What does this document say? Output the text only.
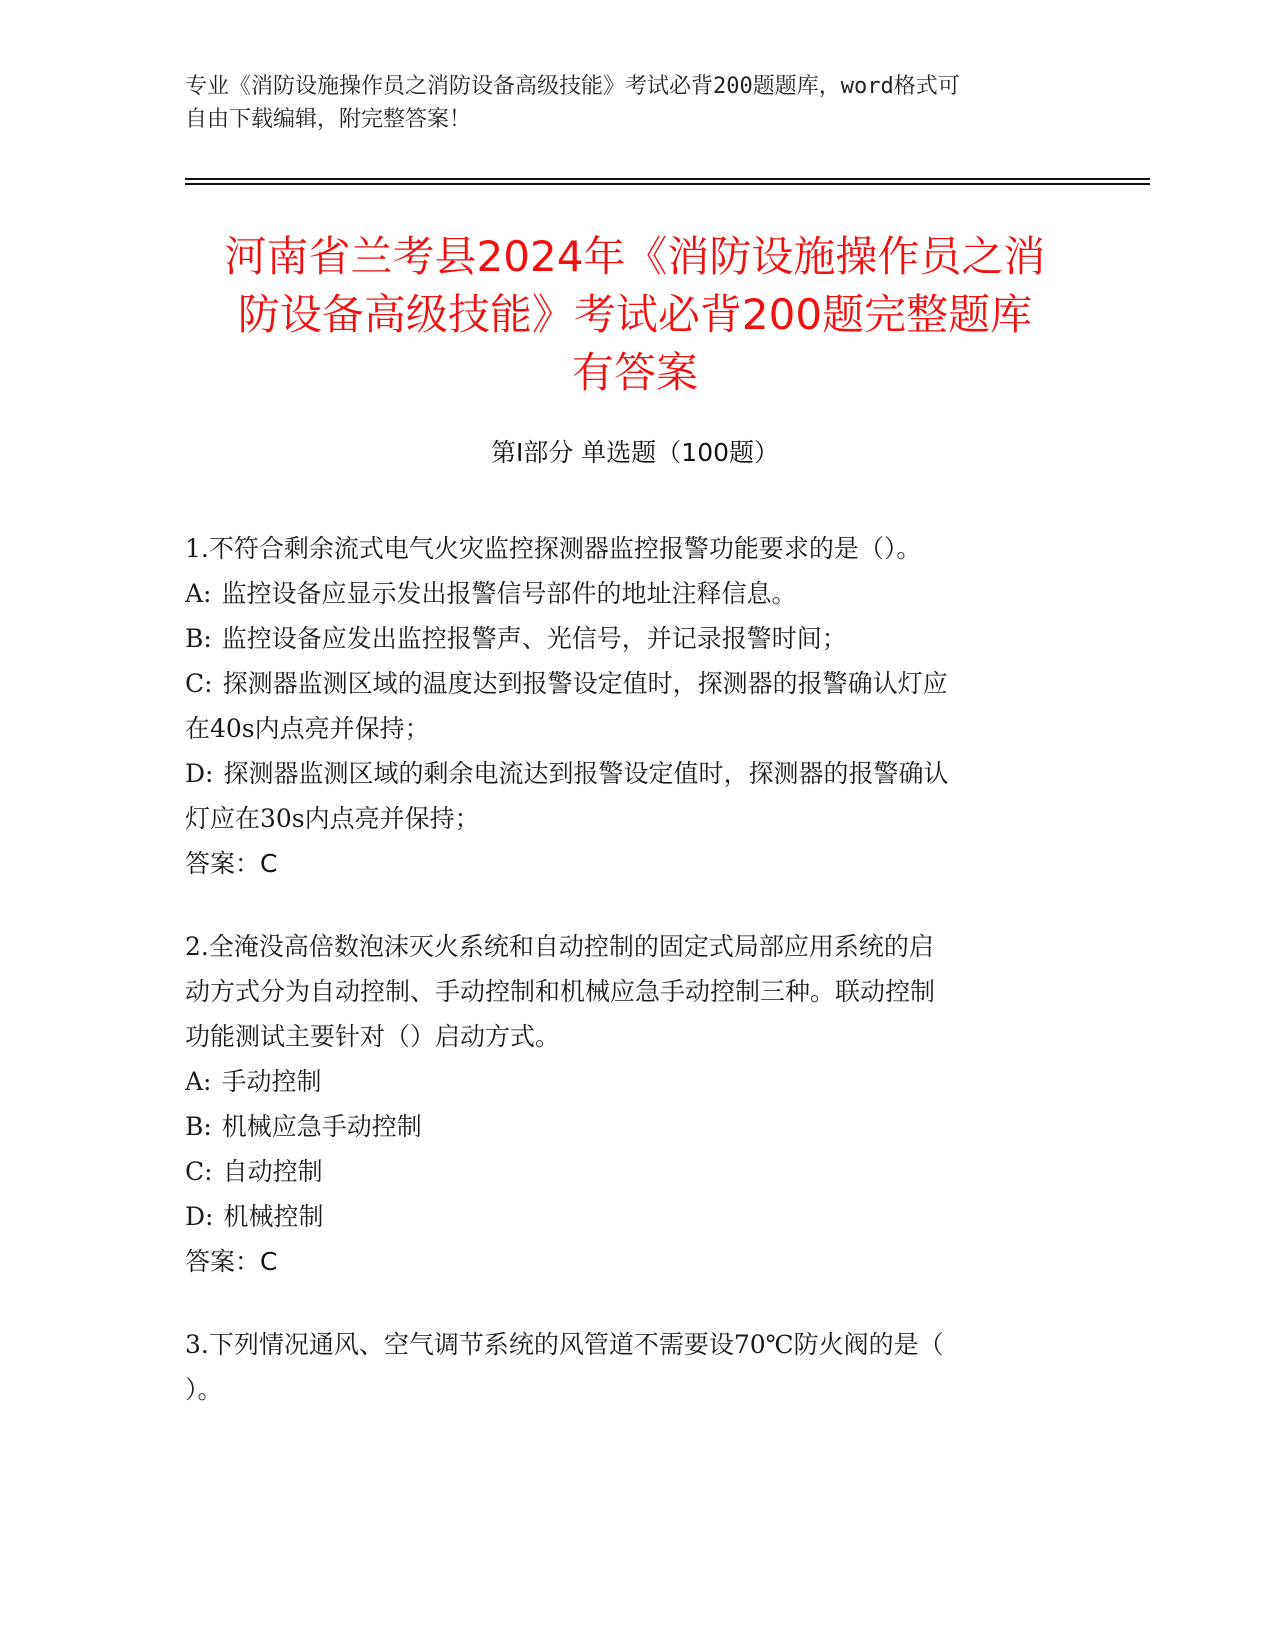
专业《消防设施操作员之消防设备高级技能》考试必背200题题库，word格式可
自由下载编辑，附完整答案！
河南省兰考县2024年《消防设施操作员之消
防设备高级技能》考试必背200题完整题库
有答案
第Ⅰ部分 单选题（100题）
1.不符合剩余流式电气火灾监控探测器监控报警功能要求的是（）。
A: 监控设备应显示发出报警信号部件的地址注释信息。
B: 监控设备应发出监控报警声、光信号，并记录报警时间；
C: 探测器监测区域的温度达到报警设定值时，探测器的报警确认灯应
在40s内点亮并保持；
D: 探测器监测区域的剩余电流达到报警设定值时，探测器的报警确认
灯应在30s内点亮并保持；
答案：C
2.全淹没高倍数泡沫灭火系统和自动控制的固定式局部应用系统的启
动方式分为自动控制、手动控制和机械应急手动控制三种。联动控制
功能测试主要针对（）启动方式。
A: 手动控制
B: 机械应急手动控制
C: 自动控制
D: 机械控制
答案：C
3.下列情况通风、空气调节系统的风管道不需要设70℃防火阀的是（
）。
